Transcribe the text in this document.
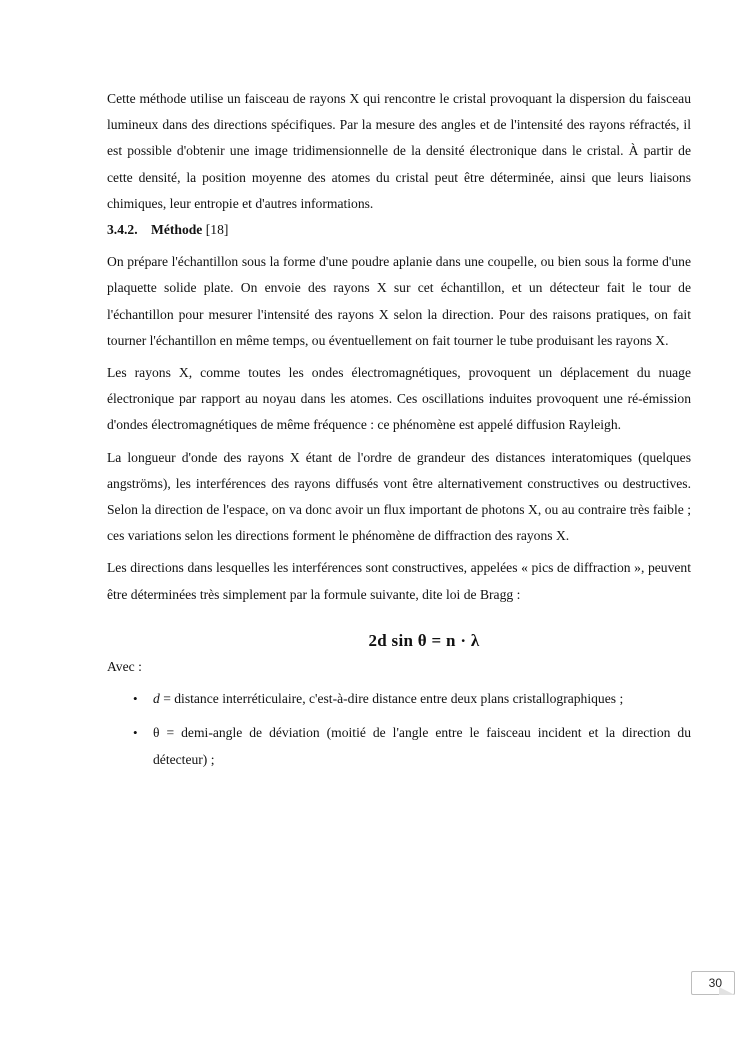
Cette méthode utilise un faisceau de rayons X qui rencontre le cristal provoquant la dispersion du faisceau lumineux dans des directions spécifiques. Par la mesure des angles et de l'intensité des rayons réfractés, il est possible d'obtenir une image tridimensionnelle de la densité électronique dans le cristal. À partir de cette densité, la position moyenne des atomes du cristal peut être déterminée, ainsi que leurs liaisons chimiques, leur entropie et d'autres informations.

3.4.2. Méthode [18]

On prépare l'échantillon sous la forme d'une poudre aplanie dans une coupelle, ou bien sous la forme d'une plaquette solide plate. On envoie des rayons X sur cet échantillon, et un détecteur fait le tour de l'échantillon pour mesurer l'intensité des rayons X selon la direction. Pour des raisons pratiques, on fait tourner l'échantillon en même temps, ou éventuellement on fait tourner le tube produisant les rayons X.

Les rayons X, comme toutes les ondes électromagnétiques, provoquent un déplacement du nuage électronique par rapport au noyau dans les atomes. Ces oscillations induites provoquent une ré-émission d'ondes électromagnétiques de même fréquence : ce phénomène est appelé diffusion Rayleigh.

La longueur d'onde des rayons X étant de l'ordre de grandeur des distances interatomiques (quelques angströms), les interférences des rayons diffusés vont être alternativement constructives ou destructives. Selon la direction de l'espace, on va donc avoir un flux important de photons X, ou au contraire très faible ; ces variations selon les directions forment le phénomène de diffraction des rayons X.

Les directions dans lesquelles les interférences sont constructives, appelées « pics de diffraction », peuvent être déterminées très simplement par la formule suivante, dite loi de Bragg :

2d sin θ = n · λ

Avec :

•	d = distance interréticulaire, c'est-à-dire distance entre deux plans cristallographiques ;
•	θ = demi-angle de déviation (moitié de l'angle entre le faisceau incident et la direction du détecteur) ;
30
